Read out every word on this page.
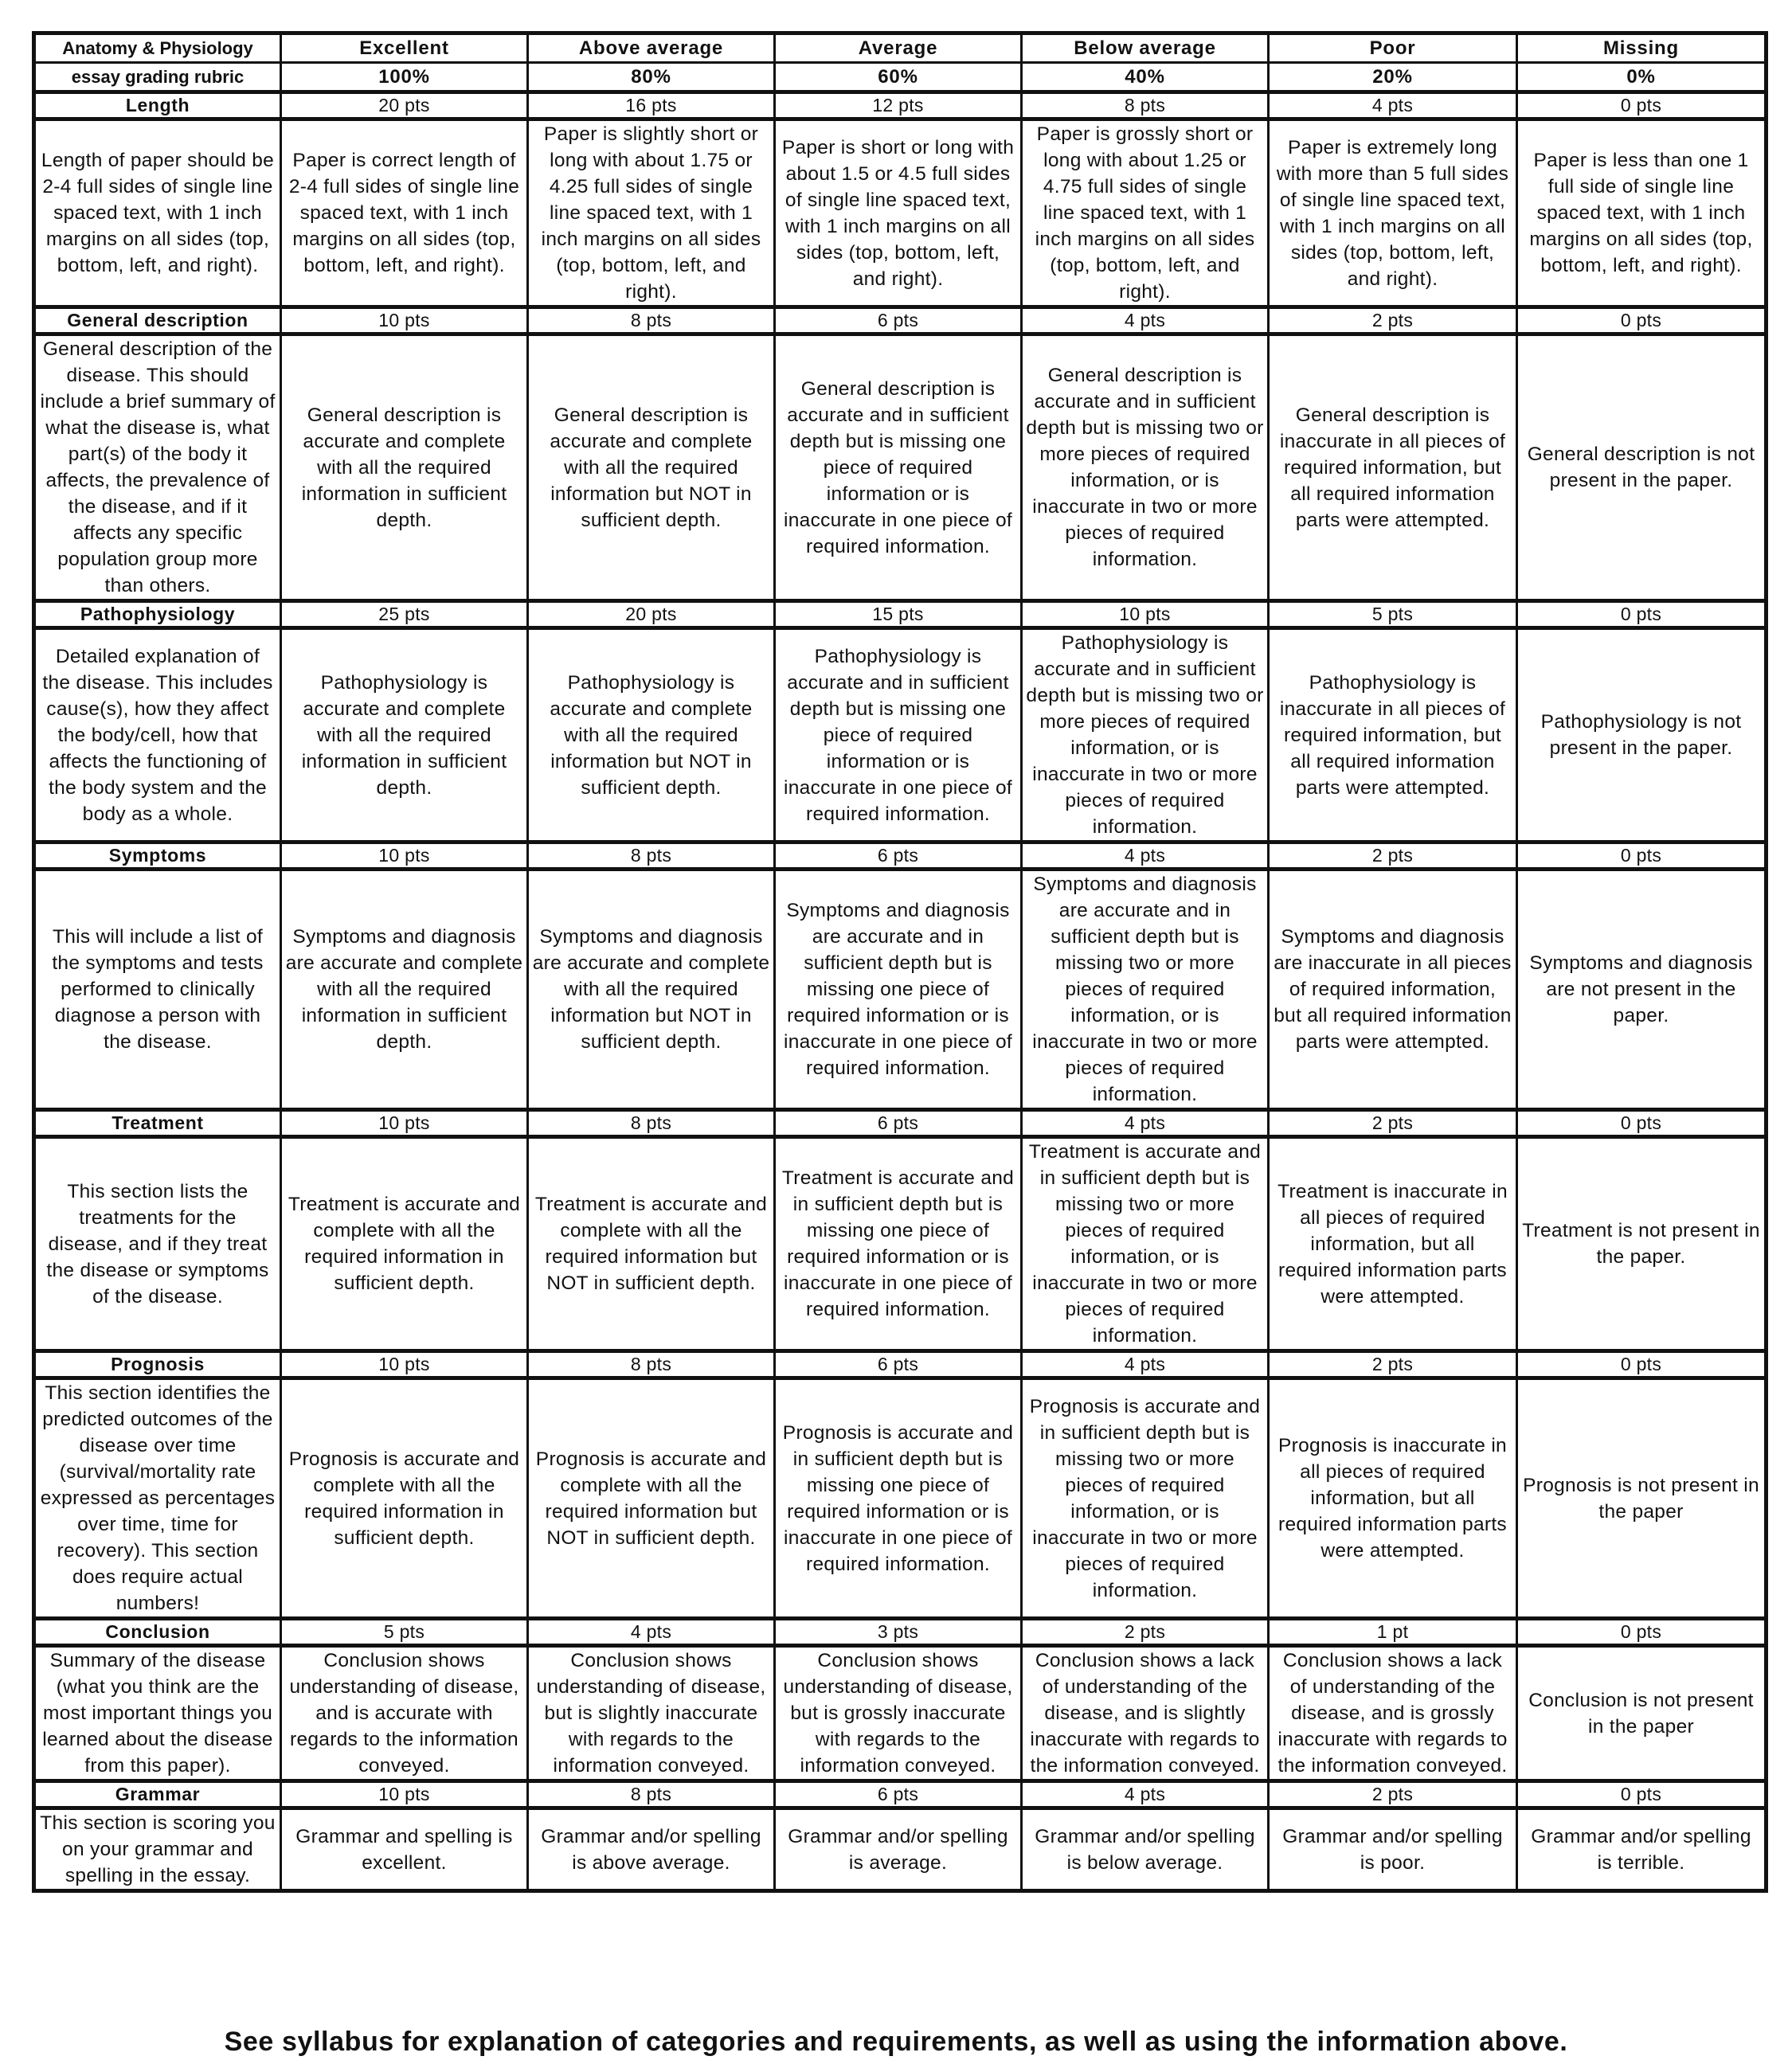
Anatomy & Physiology	Excellent	Above average	Average	Below average	Poor	Missing
essay grading rubric	100%	80%	60%	40%	20%	0%
Length	20 pts	16 pts	12 pts	8 pts	4 pts	0 pts
Length of paper should be 2-4 full sides of single line spaced text, with 1 inch margins on all sides (top, bottom, left, and right).	Paper is correct length of 2-4 full sides of single line spaced text, with 1 inch margins on all sides (top, bottom, left, and right).	Paper is slightly short or long with about 1.75 or 4.25 full sides of single line spaced text, with 1 inch margins on all sides (top, bottom, left, and right).	Paper is short or long with about 1.5 or 4.5 full sides of single line spaced text, with 1 inch margins on all sides (top, bottom, left, and right).	Paper is grossly short or long with about 1.25 or 4.75 full sides of single line spaced text, with 1 inch margins on all sides (top, bottom, left, and right).	Paper is extremely long with more than 5 full sides of single line spaced text, with 1 inch margins on all sides (top, bottom, left, and right).	Paper is less than one 1 full side of single line spaced text, with 1 inch margins on all sides (top, bottom, left, and right).
General description	10 pts	8 pts	6 pts	4 pts	2 pts	0 pts
General description of the disease. This should include a brief summary of what the disease is, what part(s) of the body it affects, the prevalence of the disease, and if it affects any specific population group more than others.	General description is accurate and complete with all the required information in sufficient depth.	General description is accurate and complete with all the required information but NOT in sufficient depth.	General description is accurate and in sufficient depth but is missing one piece of required information or is inaccurate in one piece of required information.	General description is accurate and in sufficient depth but is missing two or more pieces of required information, or is inaccurate in two or more pieces of required information.	General description is inaccurate in all pieces of required information, but all required information parts were attempted.	General description is not present in the paper.
Pathophysiology	25 pts	20 pts	15 pts	10 pts	5 pts	0 pts
Detailed explanation of the disease. This includes cause(s), how they affect the body/cell, how that affects the functioning of the body system and the body as a whole.	Pathophysiology is accurate and complete with all the required information in sufficient depth.	Pathophysiology is accurate and complete with all the required information but NOT in sufficient depth.	Pathophysiology is accurate and in sufficient depth but is missing one piece of required information or is inaccurate in one piece of required information.	Pathophysiology is accurate and in sufficient depth but is missing two or more pieces of required information, or is inaccurate in two or more pieces of required information.	Pathophysiology is inaccurate in all pieces of required information, but all required information parts were attempted.	Pathophysiology is not present in the paper.
Symptoms	10 pts	8 pts	6 pts	4 pts	2 pts	0 pts
This will include a list of the symptoms and tests performed to clinically diagnose a person with the disease.	Symptoms and diagnosis are accurate and complete with all the required information in sufficient depth.	Symptoms and diagnosis are accurate and complete with all the required information but NOT in sufficient depth.	Symptoms and diagnosis are accurate and in sufficient depth but is missing one piece of required information or is inaccurate in one piece of required information.	Symptoms and diagnosis are accurate and in sufficient depth but is missing two or more pieces of required information, or is inaccurate in two or more pieces of required information.	Symptoms and diagnosis are inaccurate in all pieces of required information, but all required information parts were attempted.	Symptoms and diagnosis are not present in the paper.
Treatment	10 pts	8 pts	6 pts	4 pts	2 pts	0 pts
This section lists the treatments for the disease, and if they treat the disease or symptoms of the disease.	Treatment is accurate and complete with all the required information in sufficient depth.	Treatment is accurate and complete with all the required information but NOT in sufficient depth.	Treatment is accurate and in sufficient depth but is missing one piece of required information or is inaccurate in one piece of required information.	Treatment is accurate and in sufficient depth but is missing two or more pieces of required information, or is inaccurate in two or more pieces of required information.	Treatment is inaccurate in all pieces of required information, but all required information parts were attempted.	Treatment is not present in the paper.
Prognosis	10 pts	8 pts	6 pts	4 pts	2 pts	0 pts
This section identifies the predicted outcomes of the disease over time (survival/mortality rate expressed as percentages over time, time for recovery). This section does require actual numbers!	Prognosis is accurate and complete with all the required information in sufficient depth.	Prognosis is accurate and complete with all the required information but NOT in sufficient depth.	Prognosis is accurate and in sufficient depth but is missing one piece of required information or is inaccurate in one piece of required information.	Prognosis is accurate and in sufficient depth but is missing two or more pieces of required information, or is inaccurate in two or more pieces of required information.	Prognosis is inaccurate in all pieces of required information, but all required information parts were attempted.	Prognosis is not present in the paper
Conclusion	5 pts	4 pts	3 pts	2 pts	1 pt	0 pts
Summary of the disease (what you think are the most important things you learned about the disease from this paper).	Conclusion shows understanding of disease, and is accurate with regards to the information conveyed.	Conclusion shows understanding of disease, but is slightly inaccurate with regards to the information conveyed.	Conclusion shows understanding of disease, but is grossly inaccurate with regards to the information conveyed.	Conclusion shows a lack of understanding of the disease, and is slightly inaccurate with regards to the information conveyed.	Conclusion shows a lack of understanding of the disease, and is grossly inaccurate with regards to the information conveyed.	Conclusion is not present in the paper
Grammar	10 pts	8 pts	6 pts	4 pts	2 pts	0 pts
This section is scoring you on your grammar and spelling in the essay.	Grammar and spelling is excellent.	Grammar and/or spelling is above average.	Grammar and/or spelling is average.	Grammar and/or spelling is below average.	Grammar and/or spelling is poor.	Grammar and/or spelling is terrible.
See syllabus for explanation of categories and requirements, as well as using the information above.
